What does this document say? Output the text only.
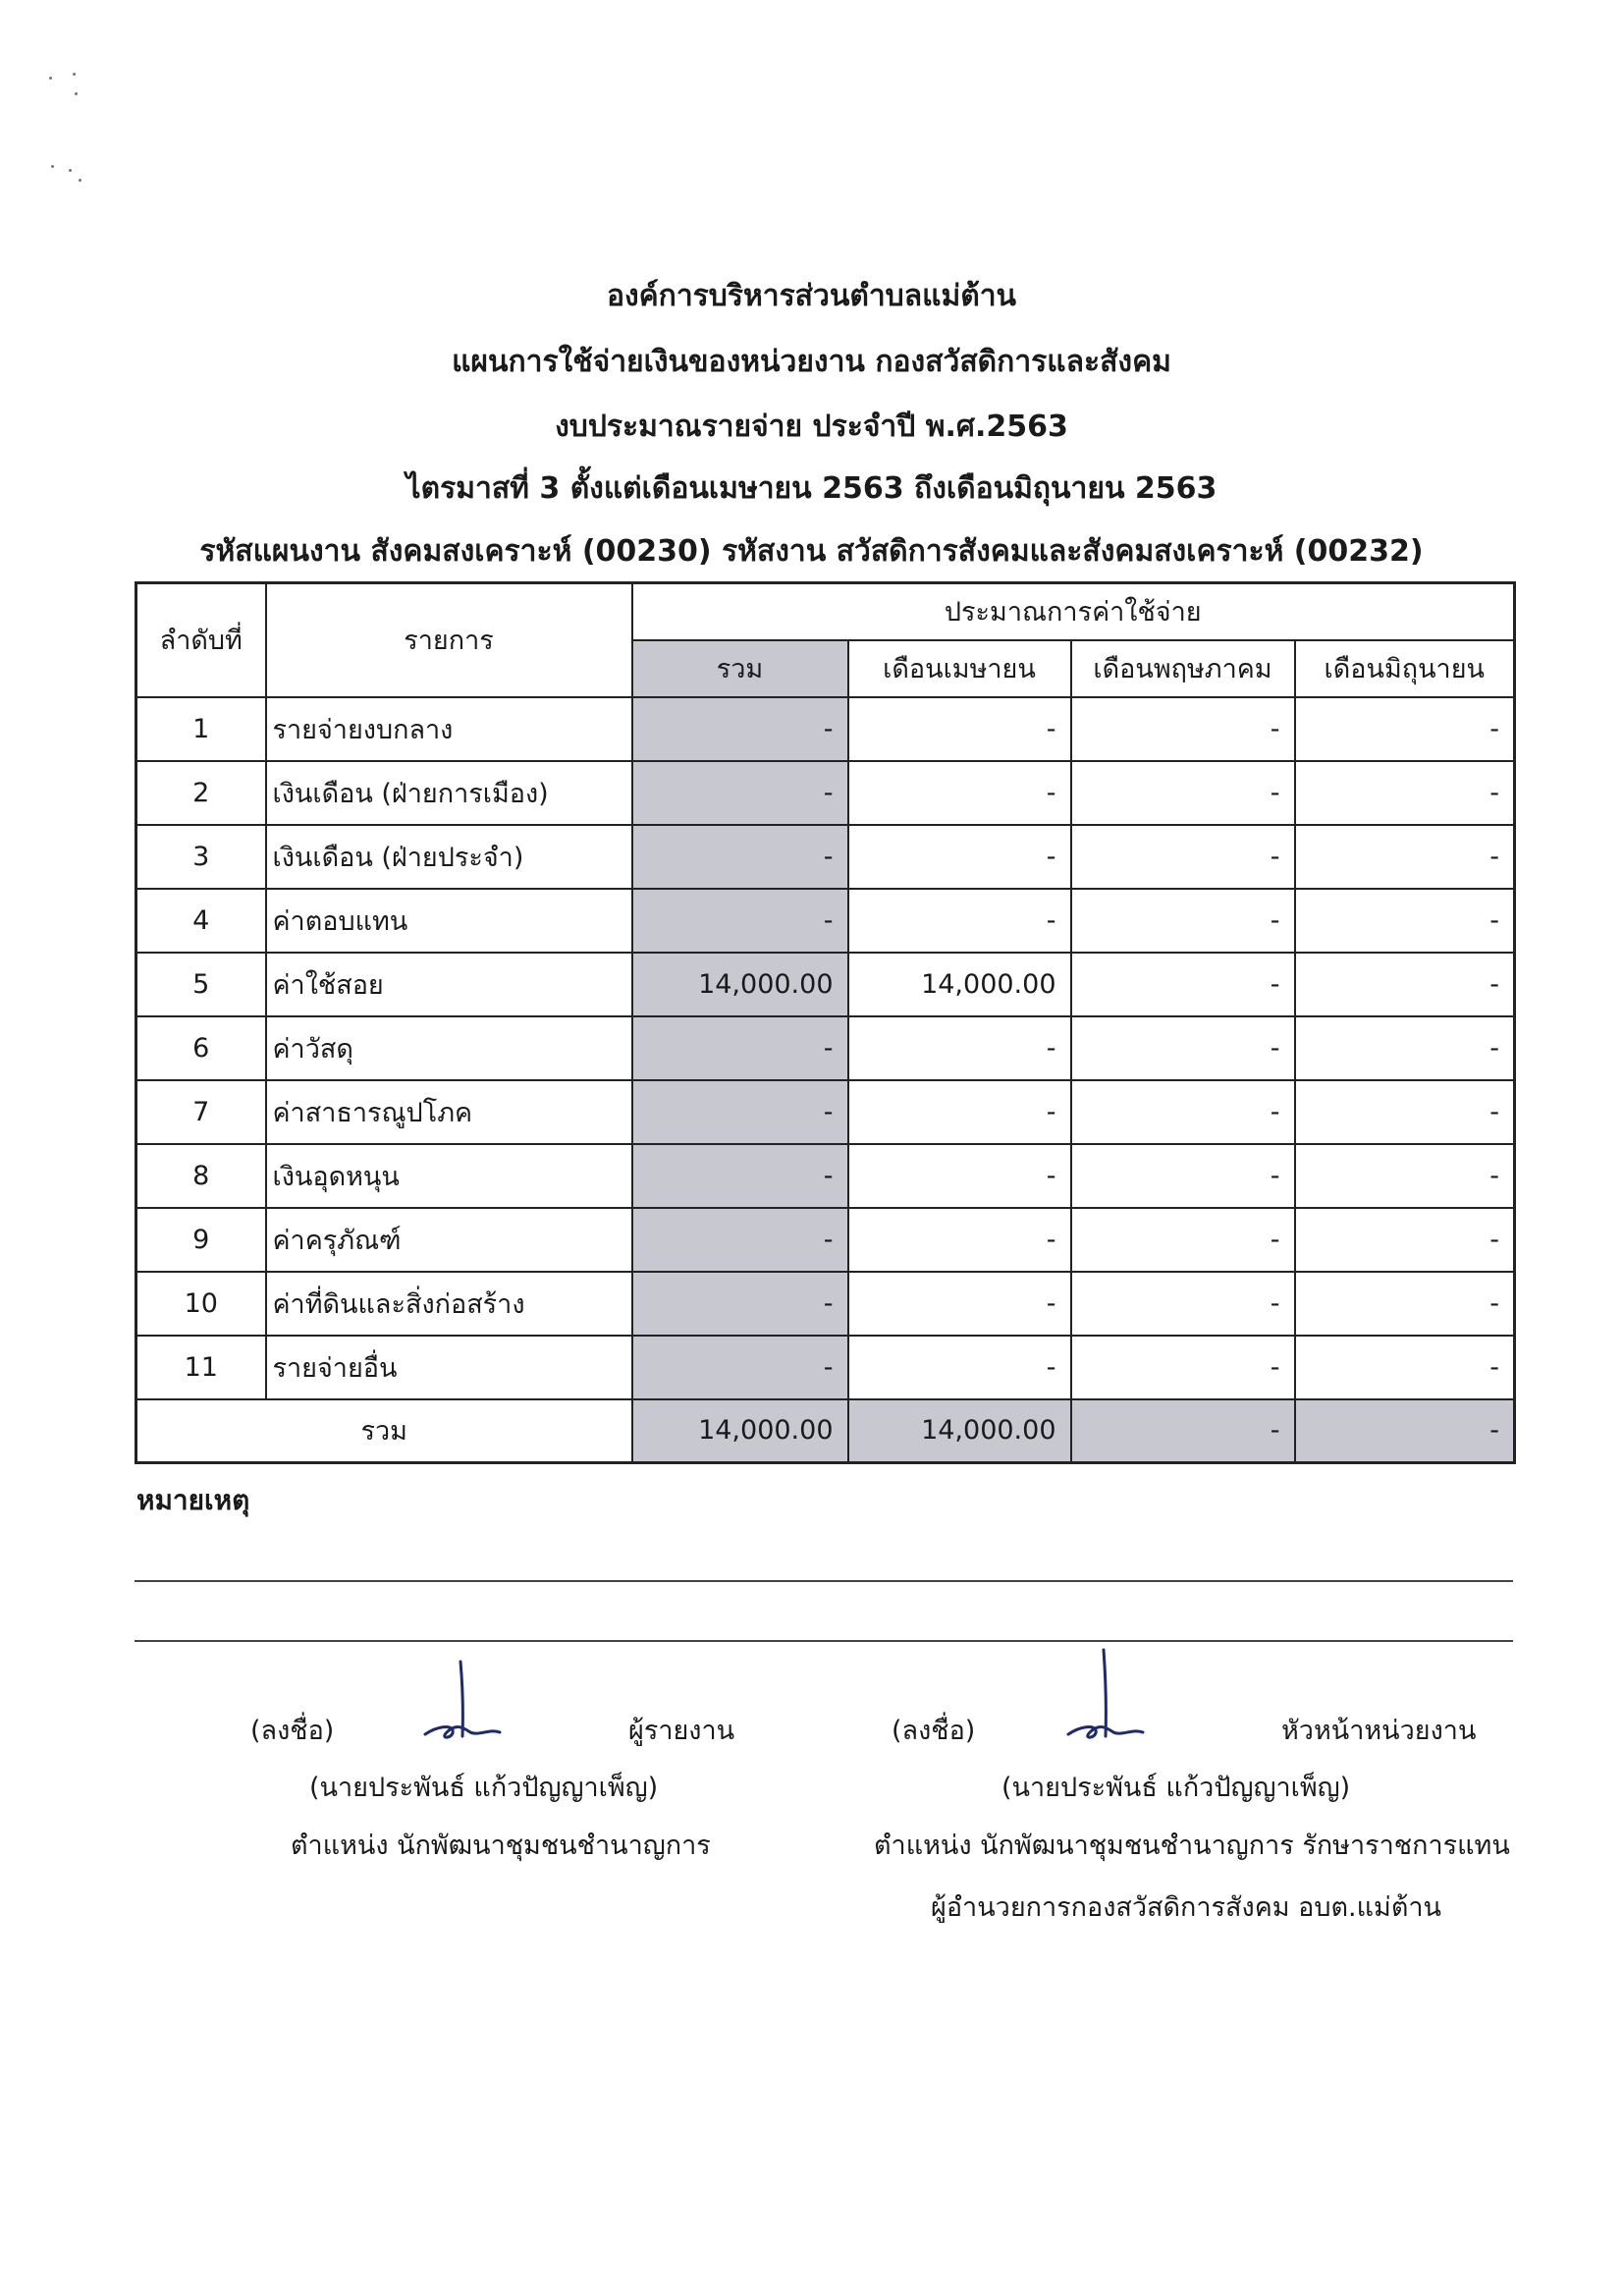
องค์การบริหารส่วนตำบลแม่ต้าน
แผนการใช้จ่ายเงินของหน่วยงาน กองสวัสดิการและสังคม
งบประมาณรายจ่าย ประจำปี พ.ศ.2563
ไตรมาสที่ 3 ตั้งแต่เดือนเมษายน 2563 ถึงเดือนมิถุนายน 2563
รหัสแผนงาน สังคมสงเคราะห์ (00230) รหัสงาน สวัสดิการสังคมและสังคมสงเคราะห์ (00232)
ลำดับที่	รายการ	ประมาณการค่าใช้จ่าย			
		รวม	เดือนเมษายน	เดือนพฤษภาคม	เดือนมิถุนายน
1	รายจ่ายงบกลาง	-	-	-	-
2	เงินเดือน (ฝ่ายการเมือง)	-	-	-	-
3	เงินเดือน (ฝ่ายประจำ)	-	-	-	-
4	ค่าตอบแทน	-	-	-	-
5	ค่าใช้สอย	14,000.00	14,000.00	-	-
6	ค่าวัสดุ	-	-	-	-
7	ค่าสาธารณูปโภค	-	-	-	-
8	เงินอุดหนุน	-	-	-	-
9	ค่าครุภัณฑ์	-	-	-	-
10	ค่าที่ดินและสิ่งก่อสร้าง	-	-	-	-
11	รายจ่ายอื่น	-	-	-	-
รวม		14,000.00	14,000.00	-	-
หมายเหตุ
(ลงชื่อ)	ผู้รายงาน
(นายประพันธ์ แก้วปัญญาเพ็ญ)
ตำแหน่ง นักพัฒนาชุมชนชำนาญการ
(ลงชื่อ)	หัวหน้าหน่วยงาน
(นายประพันธ์ แก้วปัญญาเพ็ญ)
ตำแหน่ง นักพัฒนาชุมชนชำนาญการ รักษาราชการแทน
ผู้อำนวยการกองสวัสดิการสังคม อบต.แม่ต้าน
